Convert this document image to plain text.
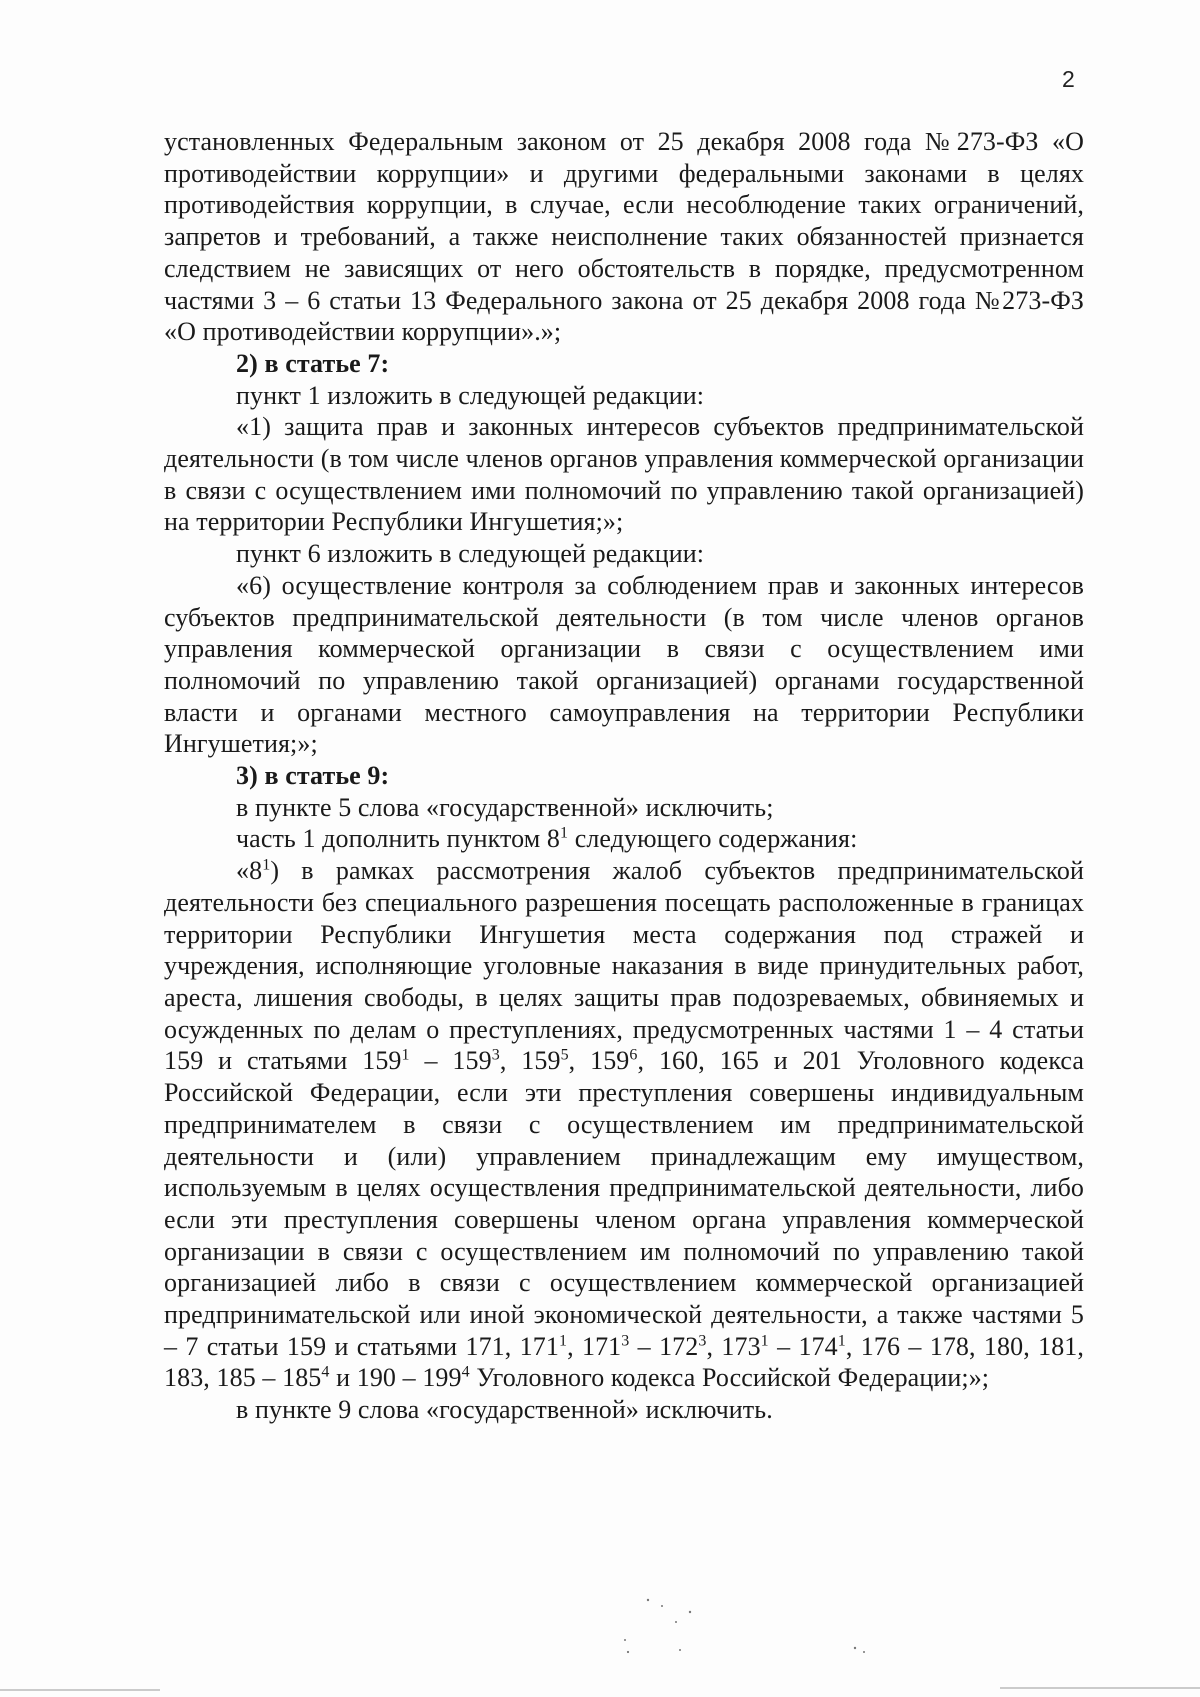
2

установленных Федеральным законом от 25 декабря 2008 года №273-ФЗ «О противодействии коррупции» и другими федеральными законами в целях противодействия коррупции, в случае, если несоблюдение таких ограничений, запретов и требований, а также неисполнение таких обязанностей признается следствием не зависящих от него обстоятельств в порядке, предусмотренном частями 3 – 6 статьи 13 Федерального закона от 25 декабря 2008 года №273-ФЗ «О противодействии коррупции».»;

2) в статье 7:

пункт 1 изложить в следующей редакции:

«1) защита прав и законных интересов субъектов предпринимательской деятельности (в том числе членов органов управления коммерческой организации в связи с осуществлением ими полномочий по управлению такой организацией) на территории Республики Ингушетия;»;

пункт 6 изложить в следующей редакции:

«6) осуществление контроля за соблюдением прав и законных интересов субъектов предпринимательской деятельности (в том числе членов органов управления коммерческой организации в связи с осуществлением ими полномочий по управлению такой организацией) органами государственной власти и органами местного самоуправления на территории Республики Ингушетия;»;

3) в статье 9:

в пункте 5 слова «государственной» исключить;

часть 1 дополнить пунктом $8^1$ следующего содержания:

«$8^1$) в рамках рассмотрения жалоб субъектов предпринимательской деятельности без специального разрешения посещать расположенные в границах территории Республики Ингушетия места содержания под стражей и учреждения, исполняющие уголовные наказания в виде принудительных работ, ареста, лишения свободы, в целях защиты прав подозреваемых, обвиняемых и осужденных по делам о преступлениях, предусмотренных частями 1 – 4 статьи 159 и статьями $159^1 - 159^3$, $159^5$, $159^6$, 160, 165 и 201 Уголовного кодекса Российской Федерации, если эти преступления совершены индивидуальным предпринимателем в связи с осуществлением им предпринимательской деятельности и (или) управлением принадлежащим ему имуществом, используемым в целях осуществления предпринимательской деятельности, либо если эти преступления совершены членом органа управления коммерческой организации в связи с осуществлением им полномочий по управлению такой организацией либо в связи с осуществлением коммерческой организацией предпринимательской или иной экономической деятельности, а также частями 5 – 7 статьи 159 и статьями 171, $171^1$, $171^3 - 172^3$, $173^1 - 174^1$, 176 – 178, 180, 181, 183, $185 - 185^4$ и $190 - 199^4$ Уголовного кодекса Российской Федерации;»;

в пункте 9 слова «государственной» исключить.
